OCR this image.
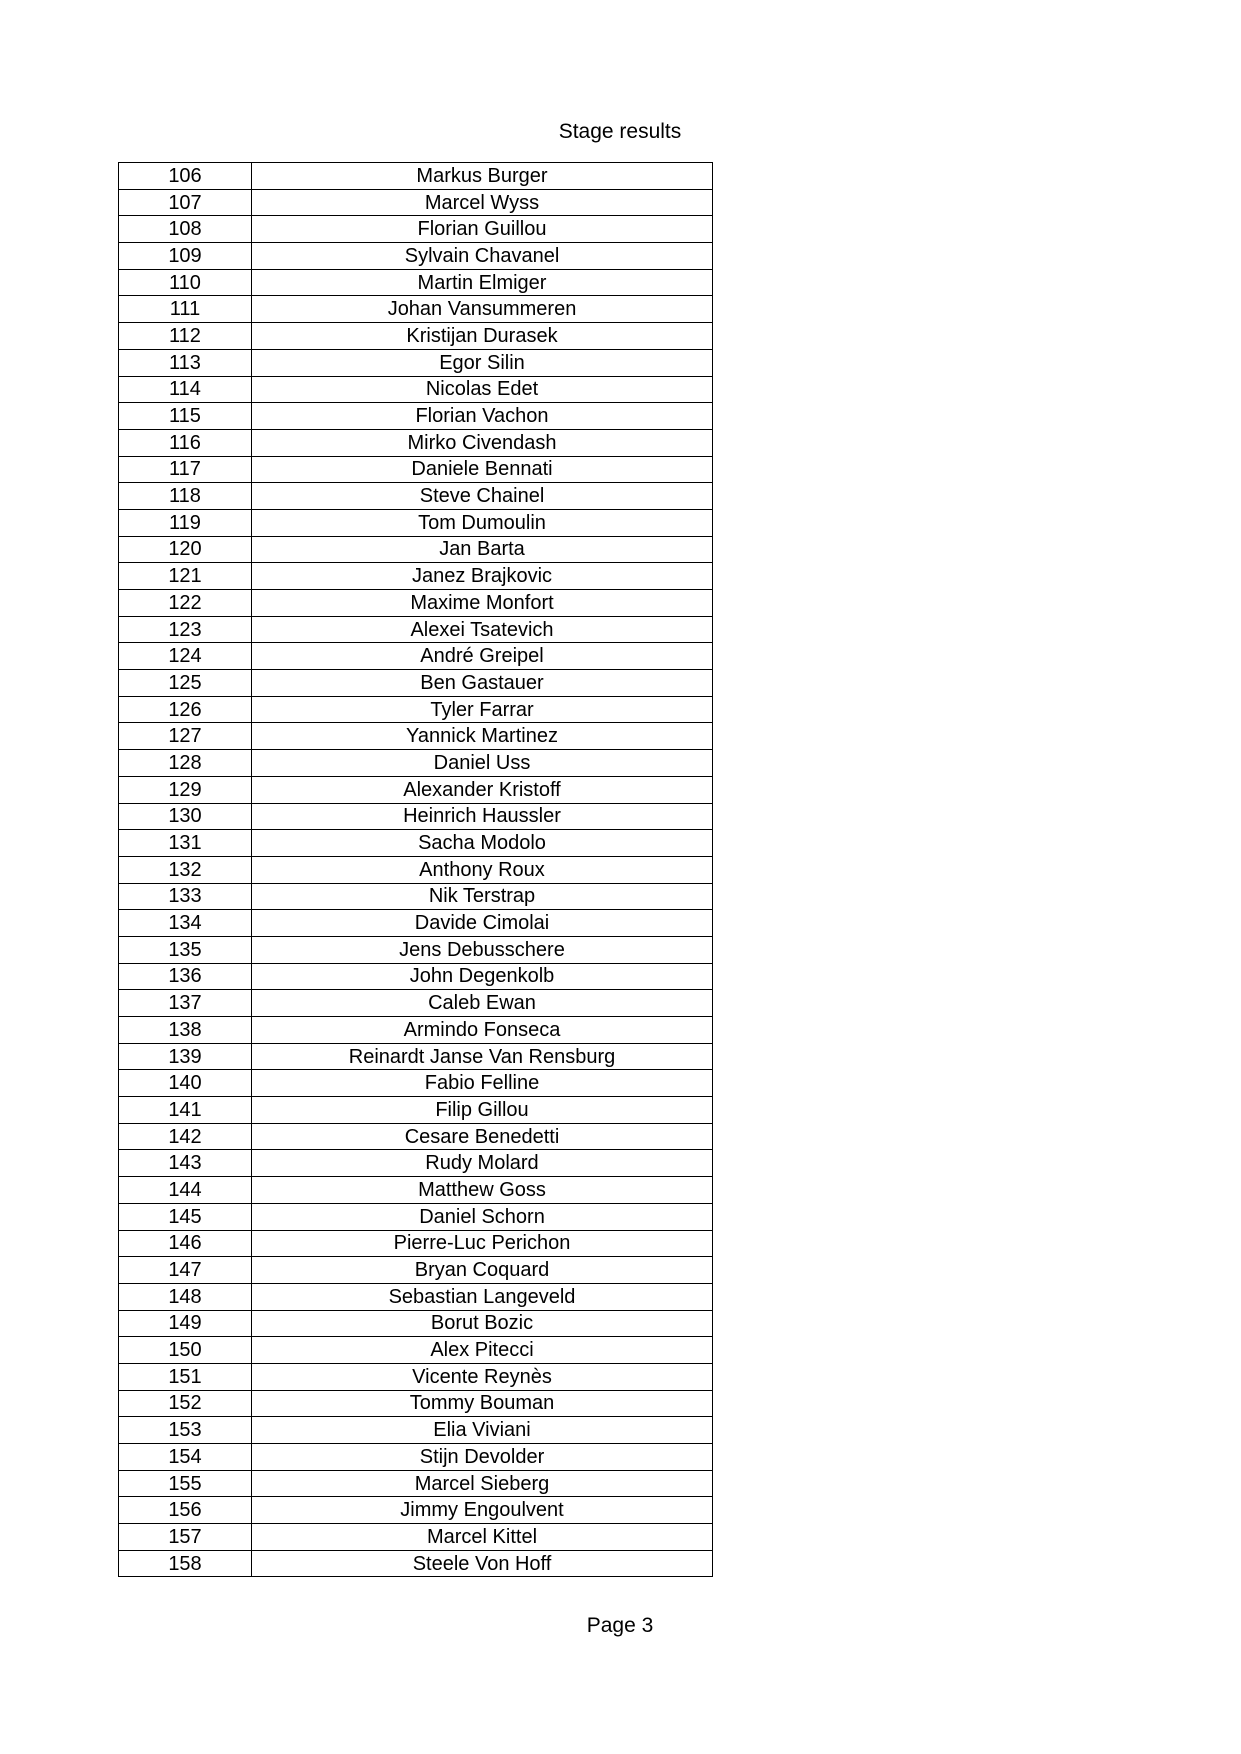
Stage results
106	Markus Burger
107	Marcel Wyss
108	Florian Guillou
109	Sylvain Chavanel
110	Martin Elmiger
111	Johan Vansummeren
112	Kristijan Durasek
113	Egor Silin
114	Nicolas Edet
115	Florian Vachon
116	Mirko Civendash
117	Daniele Bennati
118	Steve Chainel
119	Tom Dumoulin
120	Jan Barta
121	Janez Brajkovic
122	Maxime Monfort
123	Alexei Tsatevich
124	André Greipel
125	Ben Gastauer
126	Tyler Farrar
127	Yannick Martinez
128	Daniel Uss
129	Alexander Kristoff
130	Heinrich Haussler
131	Sacha Modolo
132	Anthony Roux
133	Nik Terstrap
134	Davide Cimolai
135	Jens Debusschere
136	John Degenkolb
137	Caleb Ewan
138	Armindo Fonseca
139	Reinardt Janse Van Rensburg
140	Fabio Felline
141	Filip Gillou
142	Cesare Benedetti
143	Rudy Molard
144	Matthew Goss
145	Daniel Schorn
146	Pierre-Luc Perichon
147	Bryan Coquard
148	Sebastian Langeveld
149	Borut Bozic
150	Alex Pitecci
151	Vicente Reynès
152	Tommy Bouman
153	Elia Viviani
154	Stijn Devolder
155	Marcel Sieberg
156	Jimmy Engoulvent
157	Marcel Kittel
158	Steele Von Hoff
Page 3
